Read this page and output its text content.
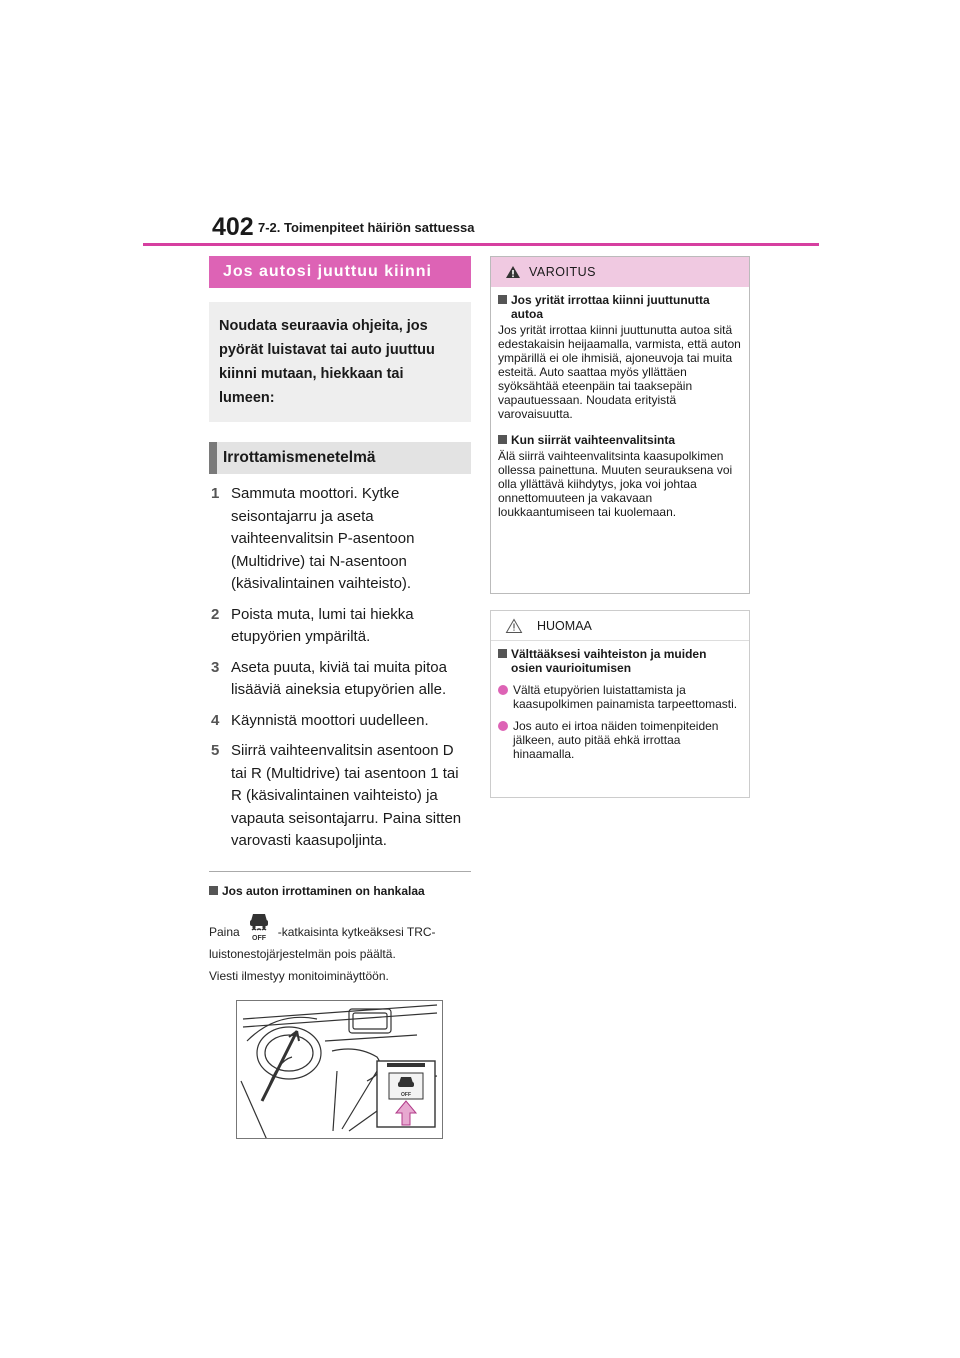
402 7-2. Toimenpiteet häiriön sattuessa
Jos autosi juuttuu kiinni
Noudata seuraavia ohjeita, jos pyörät luistavat tai auto juuttuu kiinni mutaan, hiekkaan tai lumeen:
Irrottamismenetelmä
1 Sammuta moottori. Kytke seisontajarru ja aseta vaihteenvalitsin P-asentoon (Multidrive) tai N-asentoon (käsivalintainen vaihteisto).
2 Poista muta, lumi tai hiekka etupyörien ympäriltä.
3 Aseta puuta, kiviä tai muita pitoa lisääviä aineksia etupyörien alle.
4 Käynnistä moottori uudelleen.
5 Siirrä vaihteenvalitsin asentoon D tai R (Multidrive) tai asentoon 1 tai R (käsivalintainen vaihteisto) ja vapauta seisontajarru. Paina sitten varovasti kaasupoljinta.
Jos auton irrottaminen on hankalaa
Paina OFF -katkaisinta kytkeäksesi TRC-
luistonestojärjestelmän pois päältä.
Viesti ilmestyy monitoiminäyttöön.
OFF
VAROITUS
Jos yrität irrottaa kiinni juuttunutta autoa
Jos yrität irrottaa kiinni juuttunutta autoa sitä edestakaisin heijaamalla, varmista, että auton ympärillä ei ole ihmisiä, ajoneuvoja tai muita esteitä. Auto saattaa myös yllättäen syöksähtää eteenpäin tai taaksepäin vapautuessaan. Noudata erityistä varovaisuutta.
Kun siirrät vaihteenvalitsinta
Älä siirrä vaihteenvalitsinta kaasupolkimen ollessa painettuna. Muuten seurauksena voi olla yllättävä kiihdytys, joka voi johtaa onnettomuuteen ja vakavaan loukkaantumiseen tai kuolemaan.
HUOMAA
Välttääksesi vaihteiston ja muiden osien vaurioitumisen
Vältä etupyörien luistattamista ja kaasupolkimen painamista tarpeettomasti.
Jos auto ei irtoa näiden toimenpiteiden jälkeen, auto pitää ehkä irrottaa hinaamalla.
